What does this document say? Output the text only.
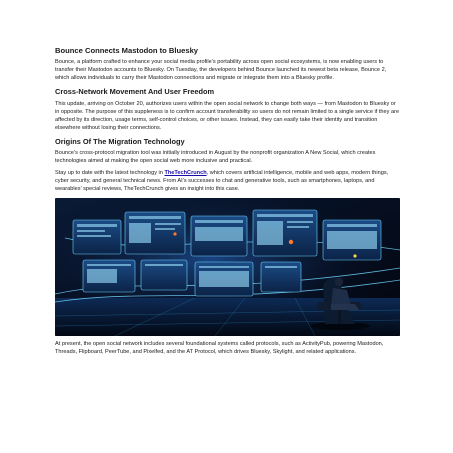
Bounce Connects Mastodon to Bluesky

Bounce, a platform crafted to enhance your social media profile’s portability across open social ecosystems, is now enabling users to transfer their Mastodon accounts to Bluesky. On Tuesday, the developers behind Bounce launched its newest beta release, Bounce 2, which allows individuals to carry their Mastodon connections and migrate or integrate them into a Bluesky profile.

Cross-Network Movement And User Freedom

This update, arriving on October 20, authorizes users within the open social network to change both ways — from Mastodon to Bluesky or in opposite. The purpose of this suppleness is to confirm account transferability so users do not remain limited to a single service if they are affected by its direction, usage terms, self-control choices, or other issues. Instead, they can easily take their identity and transition elsewhere without losing their connections.

Origins Of The Migration Technology

Bounce’s cross-protocol migration tool was initially introduced in August by the nonprofit organization A New Social, which creates technologies aimed at making the open social web more inclusive and practical.

Stay up to date with the latest technology in TheTechCrunch, which covers artificial intelligence, mobile and web apps, modern things, cyber security, and general technical news. From AI’s successes to chat and generative tools, such as smartphones, laptops, and wearables’ special reviews, TheTechCrunch gives an insight into this case.

At present, the open social network includes several foundational systems called protocols, such as ActivityPub, powering Mastodon, Threads, Flipboard, PeerTube, and Pixelfed, and the AT Protocol, which drives Bluesky, Skylight, and related applications.
